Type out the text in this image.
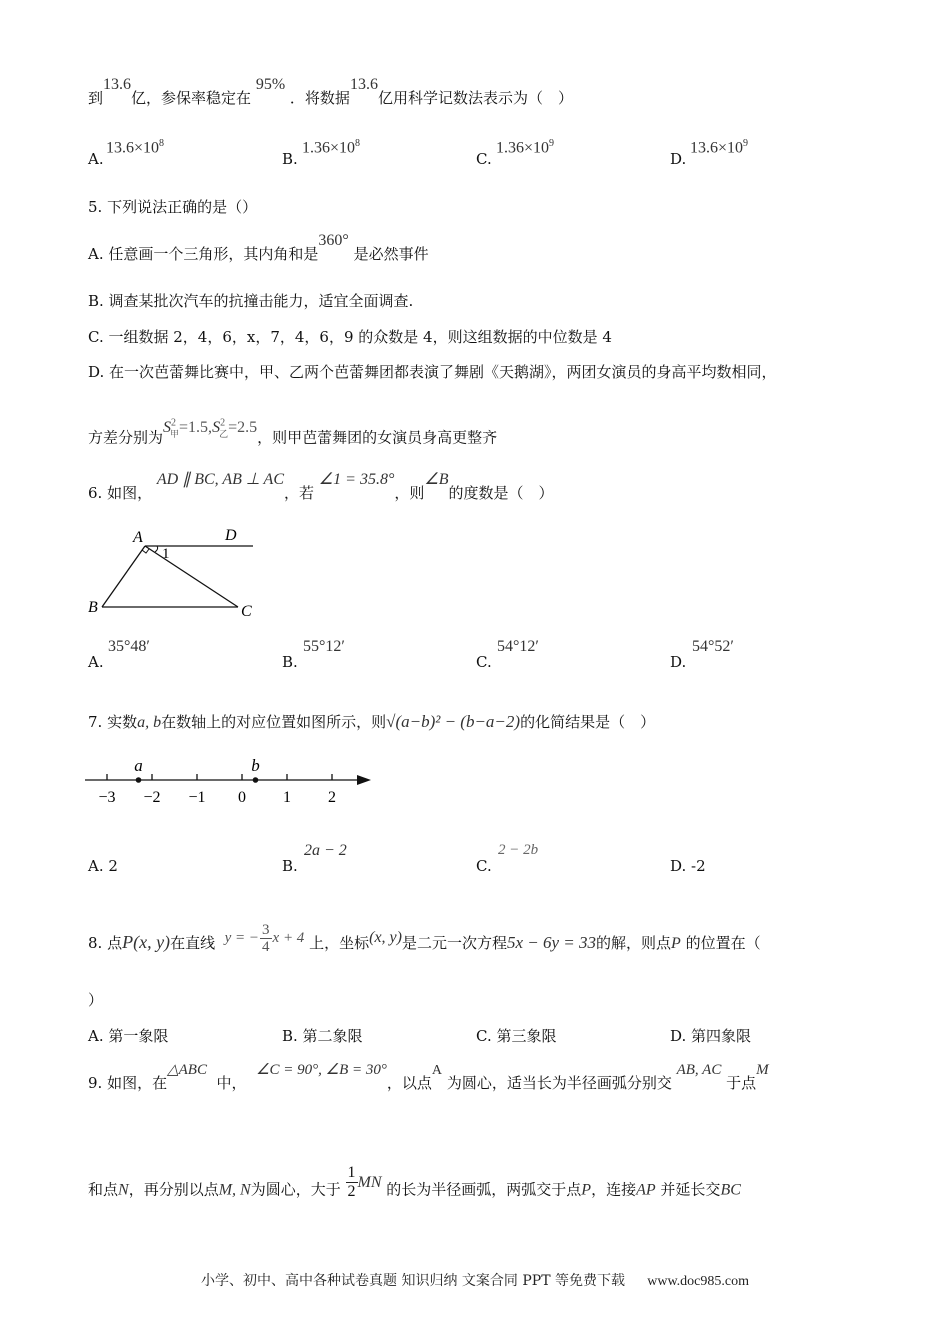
到13.6亿，参保率稳定在 95% ．将数据13.6亿用科学记数法表示为（　）
A.
$13.6\times 10^8$
B.
$1.36\times 10^8$
C.
$1.36\times 10^9$
D.
$13.6\times 10^9$
5. 下列说法正确的是（）
A. 任意画一个三角形，其内角和是360° 是必然事件
B. 调查某批次汽车的抗撞击能力，适宜全面调查.
C. 一组数据 2，4，6，x，7，4，6，9 的众数是 4，则这组数据的中位数是 4
D. 在一次芭蕾舞比赛中，甲、乙两个芭蕾舞团都表演了舞剧《天鹅湖》，两团女演员的身高平均数相同，
方差分别为$S^2_甲=1.5,S^2_乙=2.5$，则甲芭蕾舞团的女演员身高更整齐
6. 如图， AD ∥ BC, AB ⊥ AC，若 ∠1 = 35.8°，则∠B的度数是（　）
A	D
1
B	C
A.
35°48′
B.
55°12′
C.
54°12′
D.
54°52′
7. 实数a, b在数轴上的对应位置如图所示，则√(a−b)² − (b−a−2)的化简结果是（　）
−3 −2 −1 0 1 2
a	b
A. 2	B.
2a − 2
C.
2 − 2b
D. -2
8. 点P(x, y)在直线 y = − $\frac{3}{4}$ x + 4 上，坐标(x, y)是二元一次方程5x − 6y = 33的解，则点P 的位置在（
）
A. 第一象限	B. 第二象限	C. 第三象限	D. 第四象限
9. 如图，在△ABC  中，  ∠C = 90°, ∠B = 30°，以点A 为圆心，适当长为半径画弧分别交 AB, AC 于点M
和点N，再分别以点M, N为圆心，大于 $\frac{1}{2}$ MN 的长为半径画弧，两弧交于点P，连接AP 并延长交BC
小学、初中、高中各种试卷真题 知识归纳 文案合同 PPT 等免费下载 www.doc985.com
